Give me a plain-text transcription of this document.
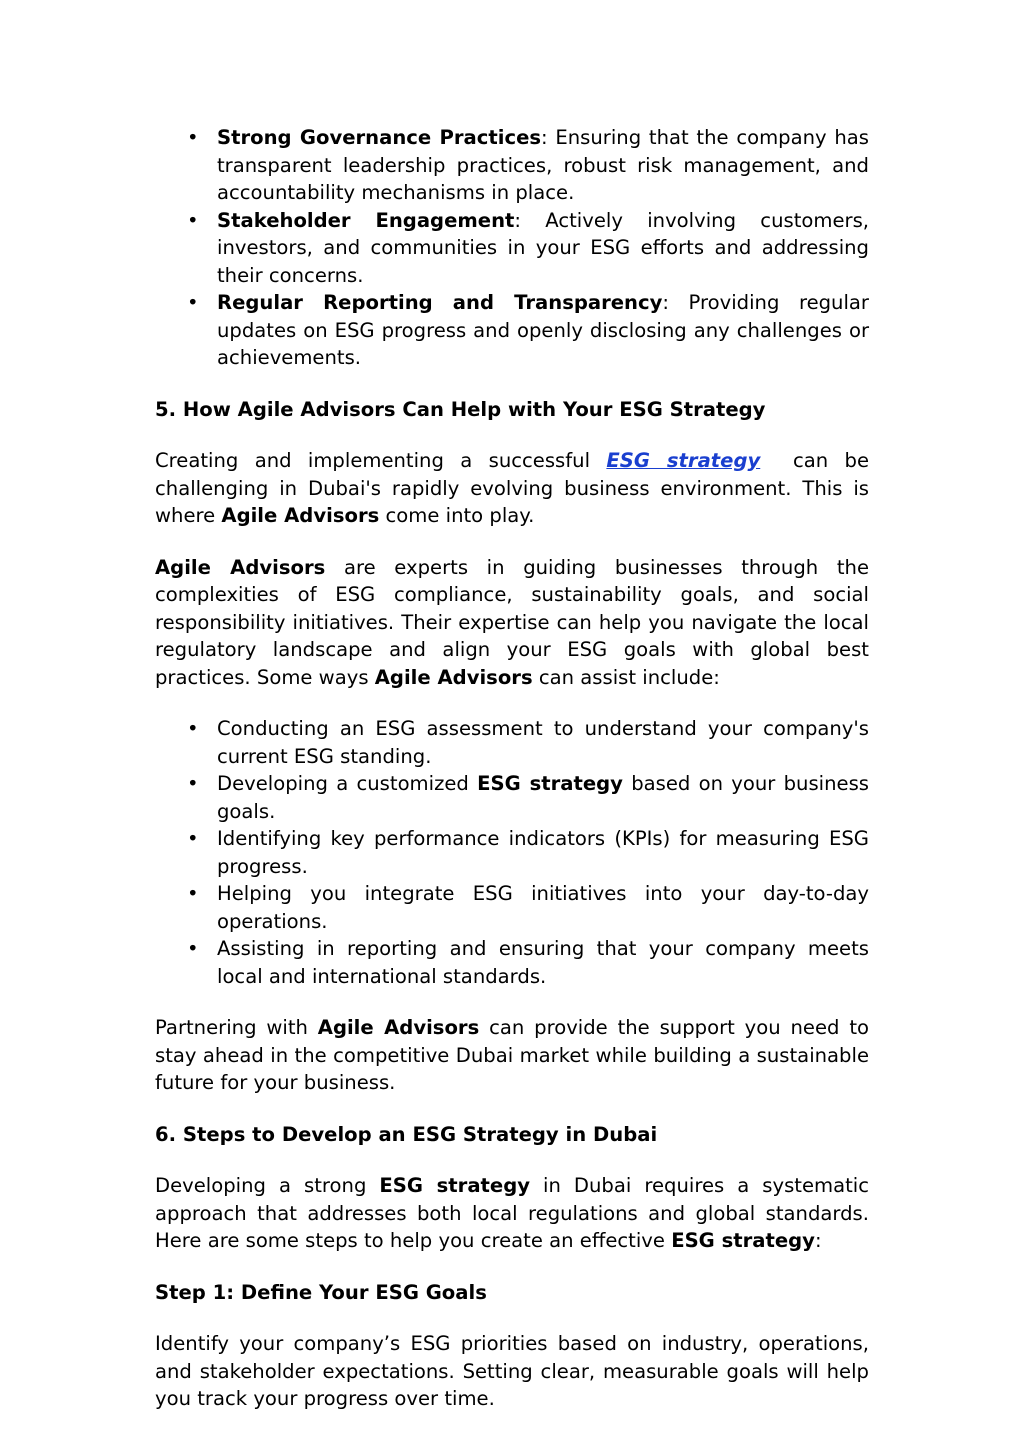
• Strong Governance Practices: Ensuring that the company has transparent leadership practices, robust risk management, and accountability mechanisms in place.
• Stakeholder Engagement: Actively involving customers, investors, and communities in your ESG efforts and addressing their concerns.
• Regular Reporting and Transparency: Providing regular updates on ESG progress and openly disclosing any challenges or achievements.

5. How Agile Advisors Can Help with Your ESG Strategy

Creating and implementing a successful ESG strategy  can be challenging in Dubai's rapidly evolving business environment. This is where Agile Advisors come into play.

Agile Advisors are experts in guiding businesses through the complexities of ESG compliance, sustainability goals, and social responsibility initiatives. Their expertise can help you navigate the local regulatory landscape and align your ESG goals with global best practices. Some ways Agile Advisors can assist include:

• Conducting an ESG assessment to understand your company's current ESG standing.
• Developing a customized ESG strategy based on your business goals.
• Identifying key performance indicators (KPIs) for measuring ESG progress.
• Helping you integrate ESG initiatives into your day-to-day operations.
• Assisting in reporting and ensuring that your company meets local and international standards.

Partnering with Agile Advisors can provide the support you need to stay ahead in the competitive Dubai market while building a sustainable future for your business.

6. Steps to Develop an ESG Strategy in Dubai

Developing a strong ESG strategy in Dubai requires a systematic approach that addresses both local regulations and global standards. Here are some steps to help you create an effective ESG strategy:

Step 1: Define Your ESG Goals

Identify your company’s ESG priorities based on industry, operations, and stakeholder expectations. Setting clear, measurable goals will help you track your progress over time.
